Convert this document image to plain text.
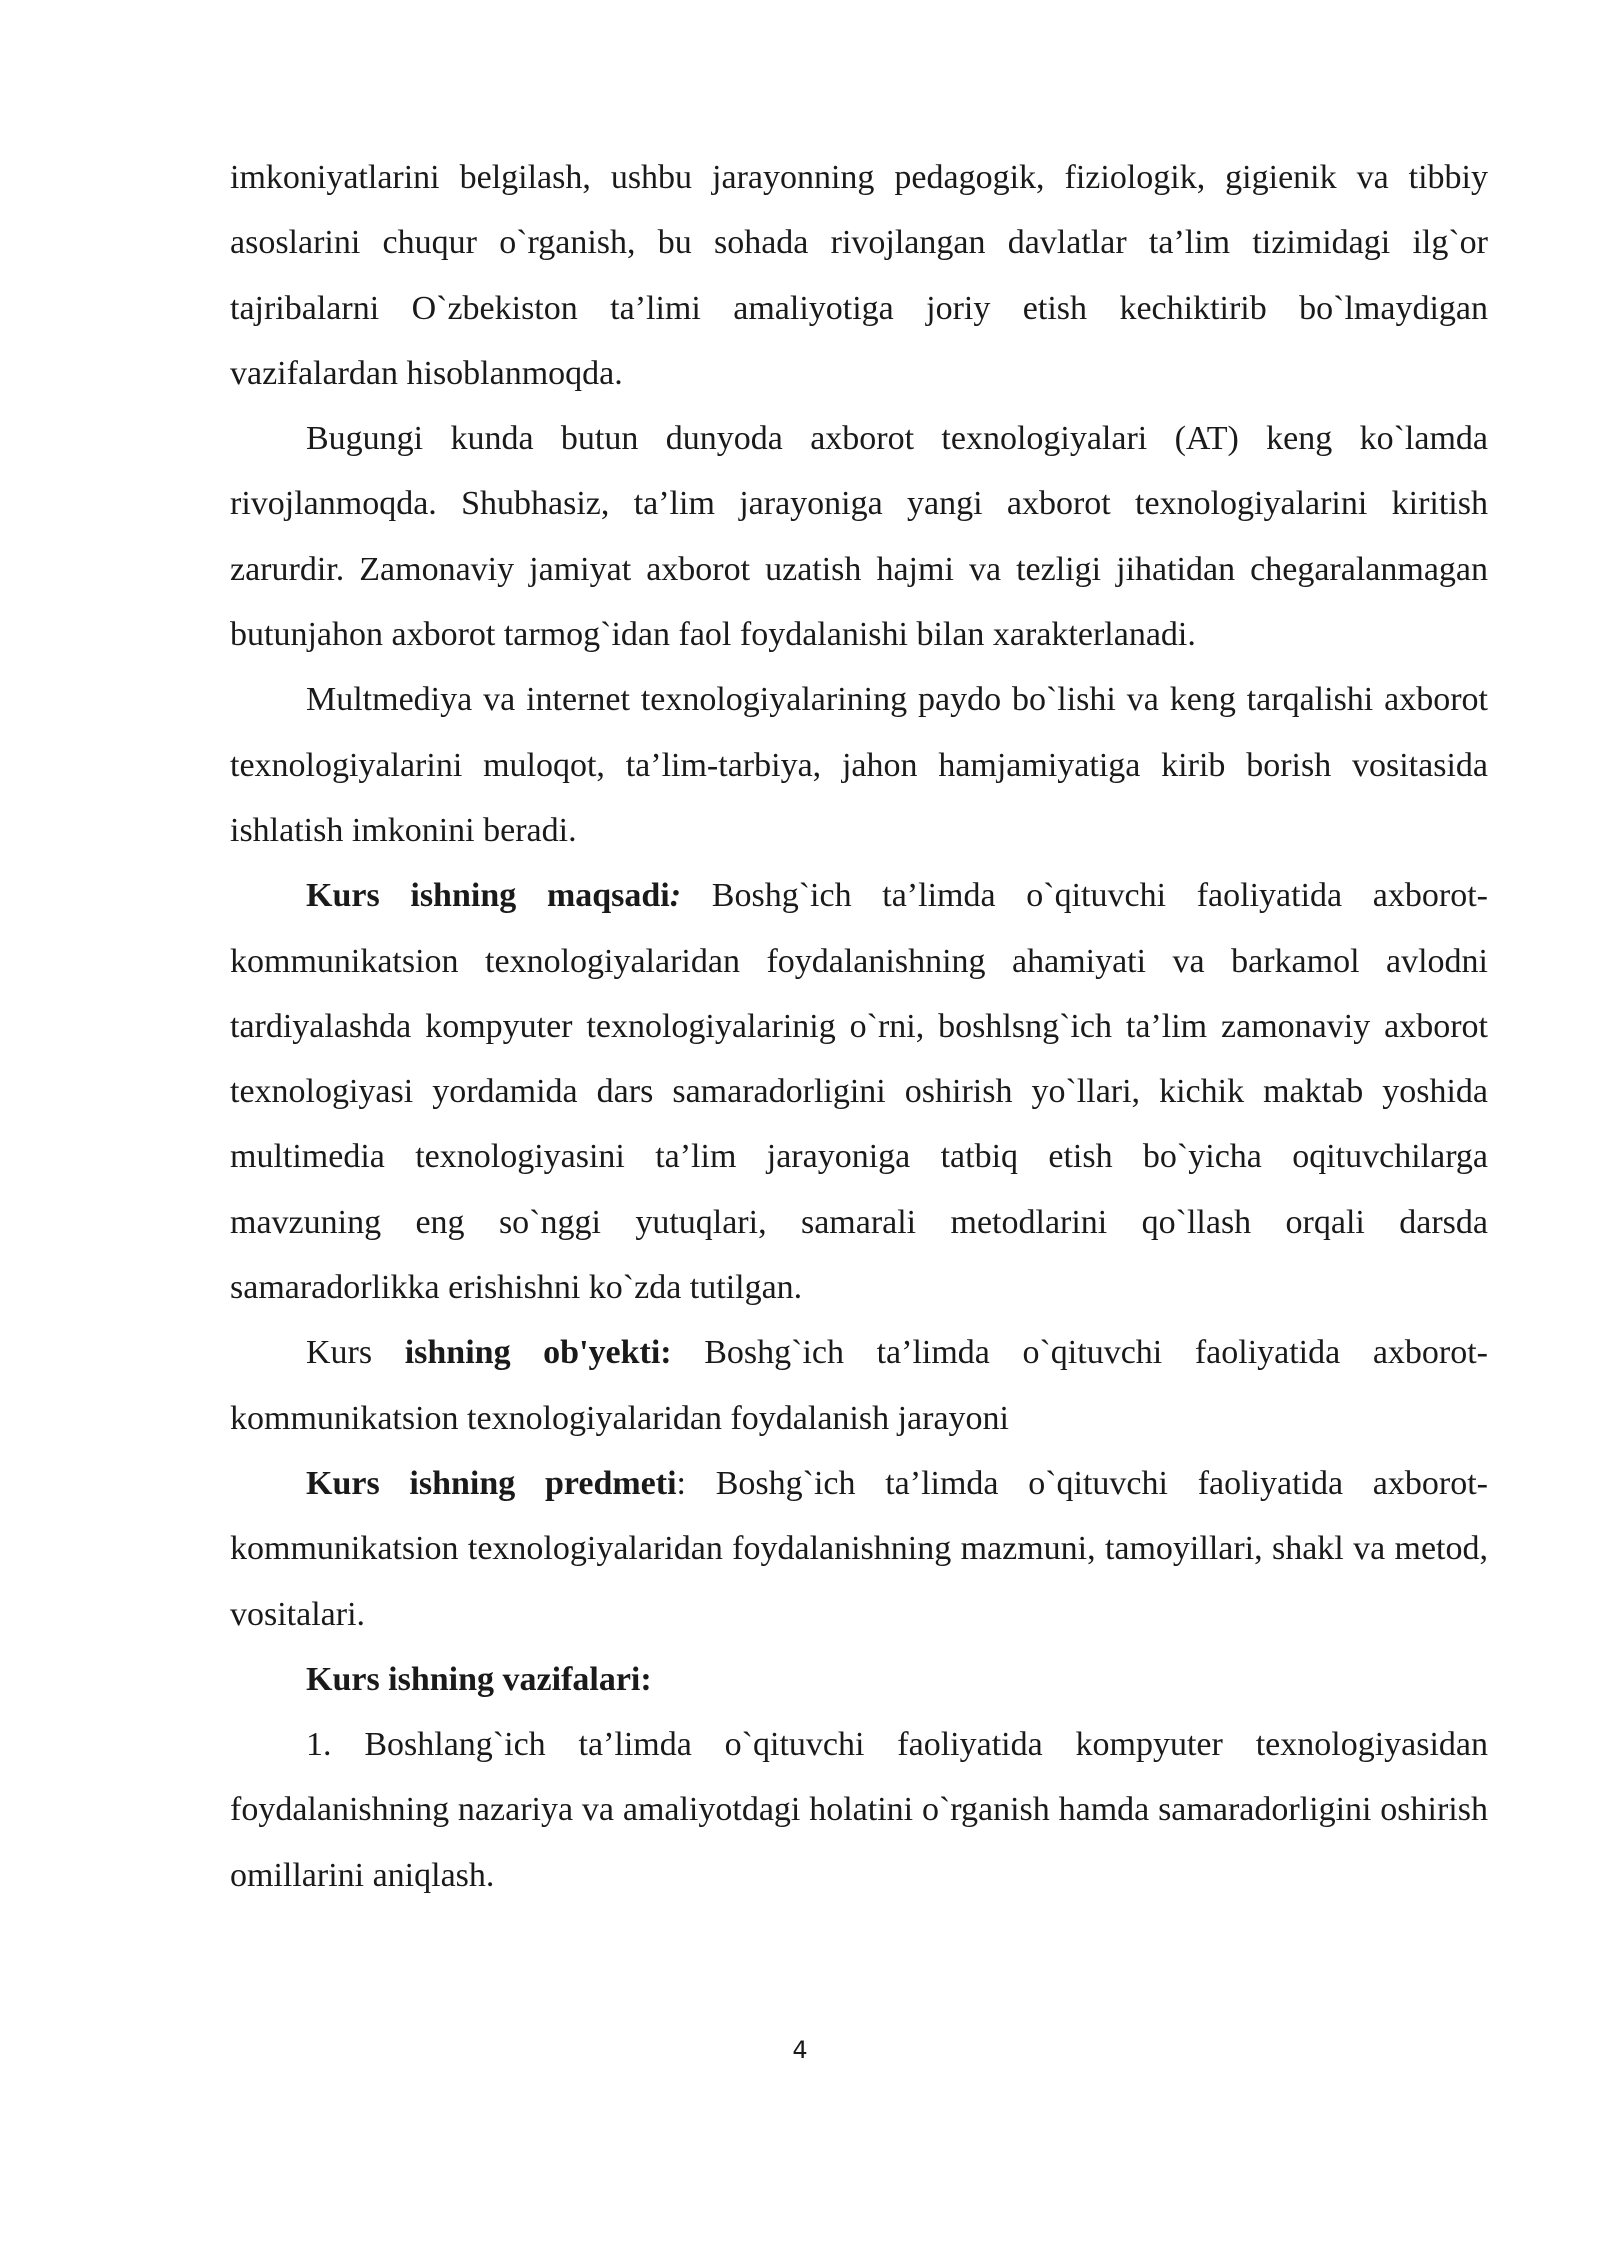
imkoniyatlarini belgilash, ushbu jarayonning pedagogik, fiziologik, gigienik va tibbiy asoslarini chuqur o`rganish, bu sohada rivojlangan davlatlar ta’lim tizimidagi ilg`or tajribalarni O`zbekiston ta’limi amaliyotiga joriy etish kechiktirib bo`lmaydigan vazifalardan hisoblanmoqda.

Bugungi kunda butun dunyoda axborot texnologiyalari (AT) keng ko`lamda rivojlanmoqda. Shubhasiz, ta’lim jarayoniga yangi axborot texnologiyalarini kiritish zarurdir. Zamonaviy jamiyat axborot uzatish hajmi va tezligi jihatidan chegaralanmagan butunjahon axborot tarmog`idan faol foydalanishi bilan xarakterlanadi.

Multmediya va internet texnologiyalarining paydo bo`lishi va keng tarqalishi axborot texnologiyalarini muloqot, ta’lim-tarbiya, jahon hamjamiyatiga kirib borish vositasida ishlatish imkonini beradi.

Kurs ishning maqsadi: Boshg`ich ta’limda o`qituvchi faoliyatida axborot-kommunikatsion texnologiyalaridan foydalanishning ahamiyati va barkamol avlodni tardiyalashda kompyuter texnologiyalarinig o`rni, boshlsng`ich ta’lim zamonaviy axborot texnologiyasi yordamida dars samaradorligini oshirish yo`llari, kichik maktab yoshida multimedia texnologiyasini ta’lim jarayoniga tatbiq etish bo`yicha oqituvchilarga mavzuning eng so`nggi yutuqlari, samarali metodlarini qo`llash orqali darsda samaradorlikka erishishni ko`zda tutilgan.

Kurs ishning ob'yekti: Boshg`ich ta’limda o`qituvchi faoliyatida axborot-kommunikatsion texnologiyalaridan foydalanish jarayoni

Kurs ishning predmeti: Boshg`ich ta’limda o`qituvchi faoliyatida axborot-kommunikatsion texnologiyalaridan foydalanishning mazmuni, tamoyillari, shakl va metod, vositalari.

Kurs ishning vazifalari:

1. Boshlang`ich ta’limda o`qituvchi faoliyatida kompyuter texnologiyasidan foydalanishning nazariya va amaliyotdagi holatini o`rganish hamda samaradorligini oshirish omillarini aniqlash.

4
